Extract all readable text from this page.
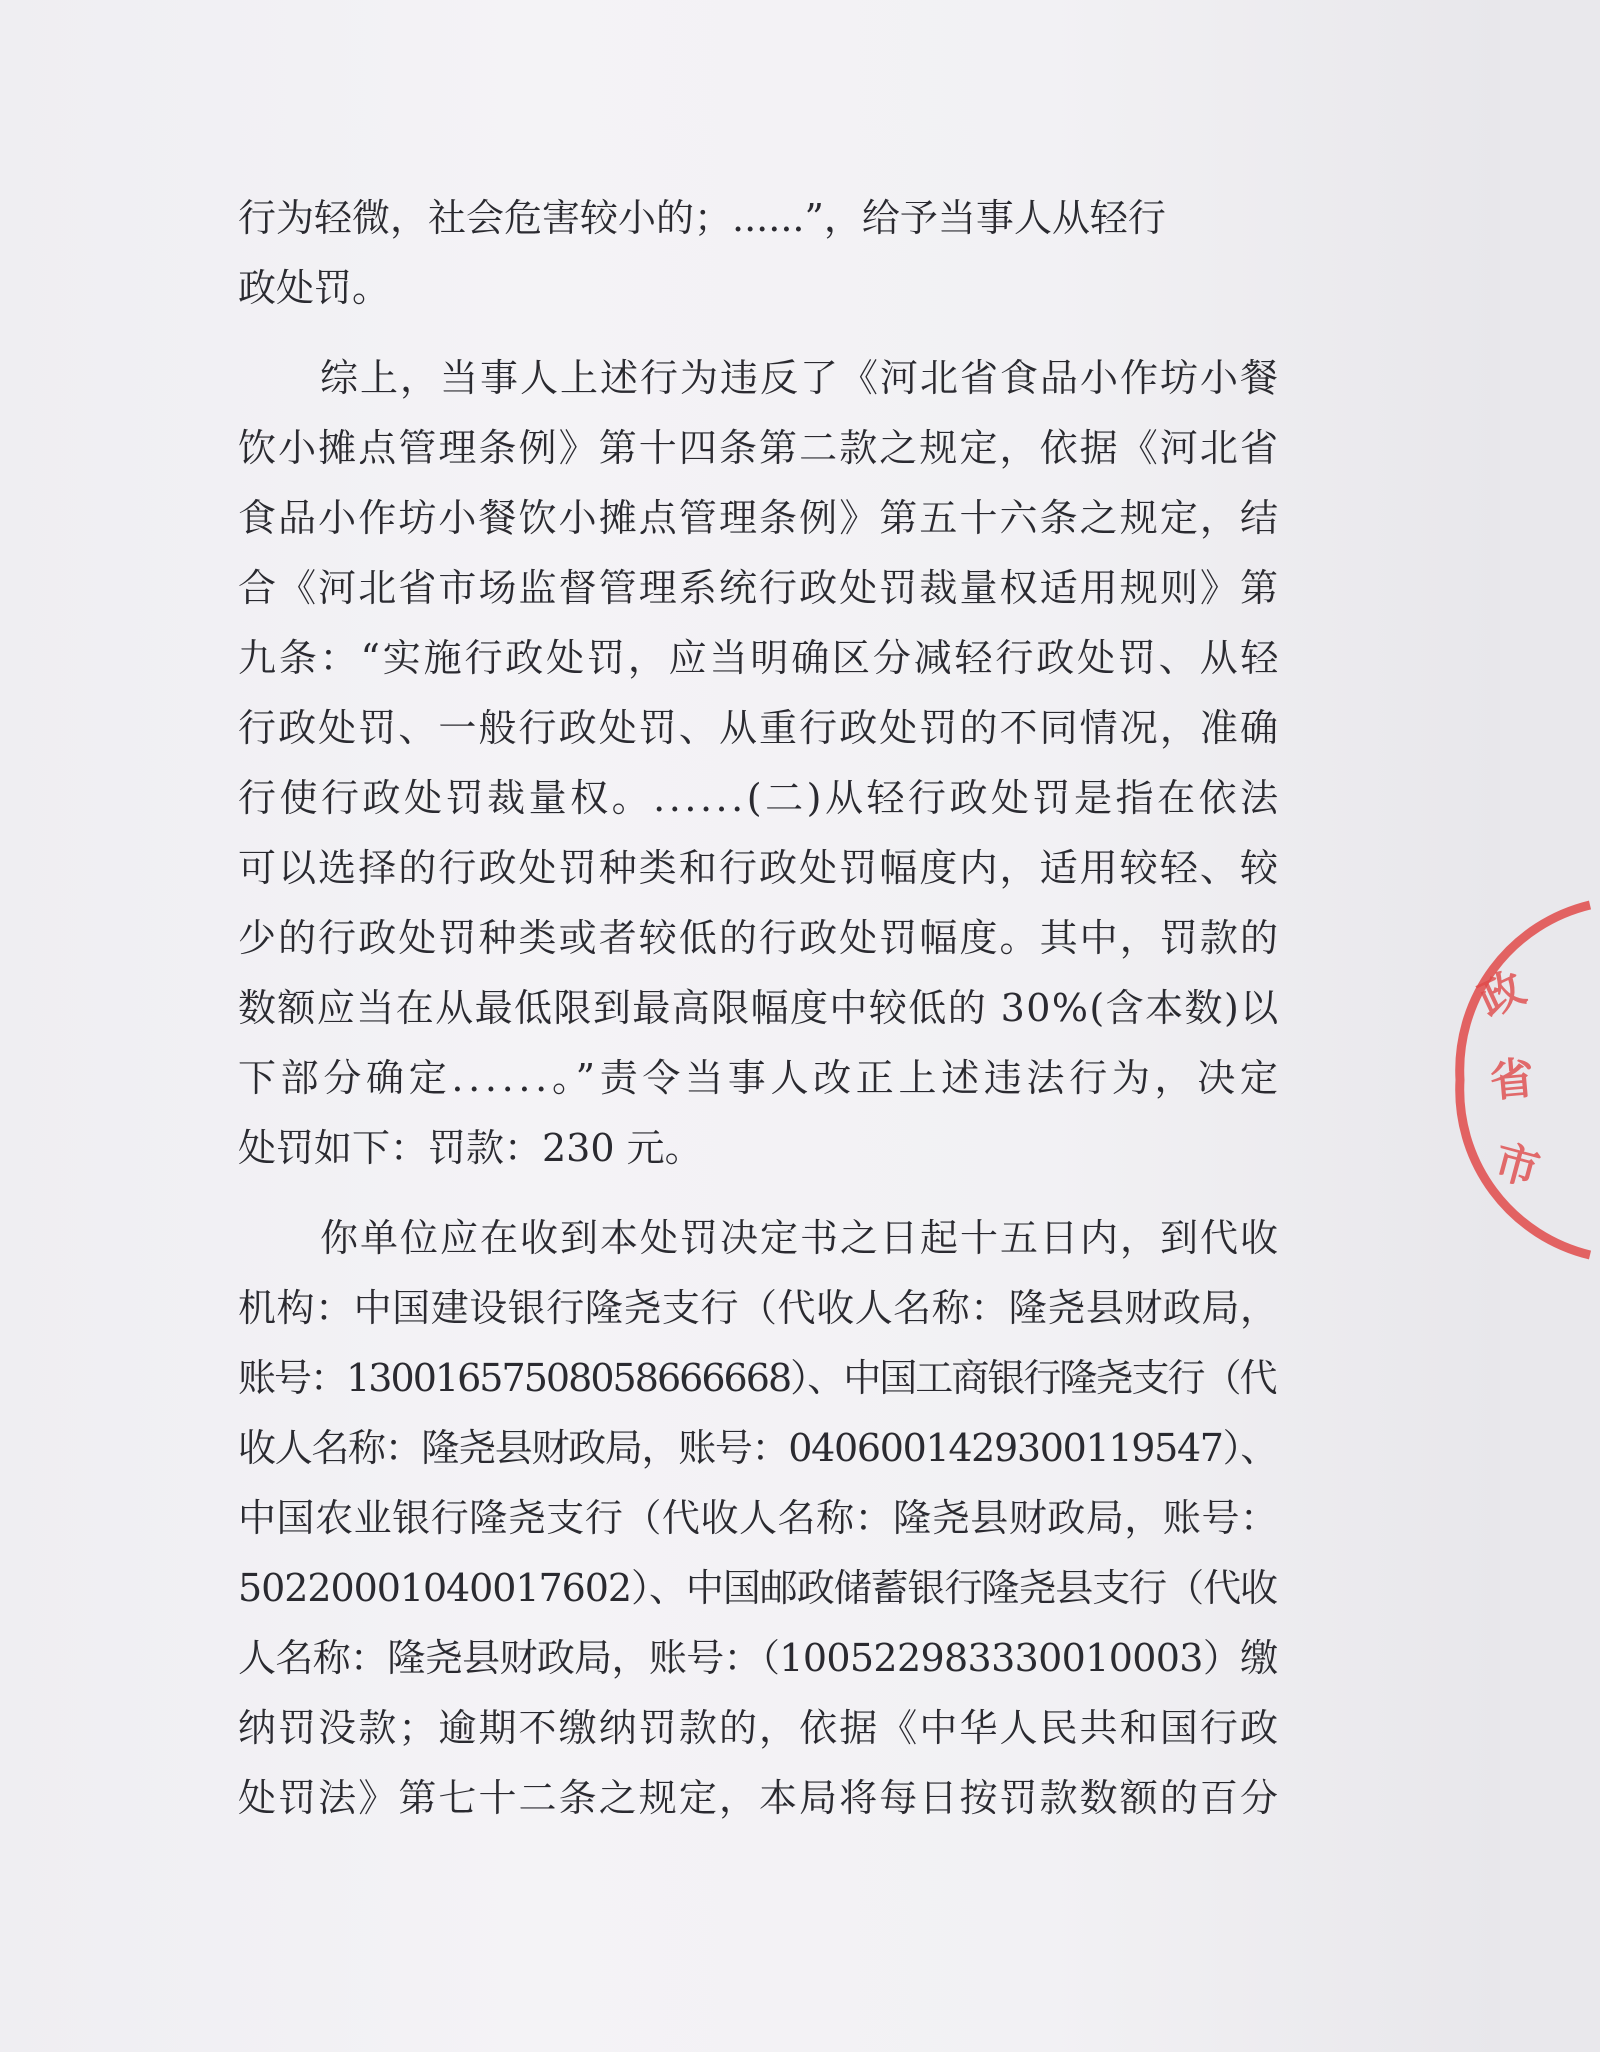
行为轻微，社会危害较小的；......”，给予当事人从轻行
政处罚。
综上，当事人上述行为违反了《河北省食品小作坊小餐
饮小摊点管理条例》第十四条第二款之规定，依据《河北省
食品小作坊小餐饮小摊点管理条例》第五十六条之规定，结
合《河北省市场监督管理系统行政处罚裁量权适用规则》第
九条：“实施行政处罚，应当明确区分减轻行政处罚、从轻
行政处罚、一般行政处罚、从重行政处罚的不同情况，准确
行使行政处罚裁量权。......(二)从轻行政处罚是指在依法
可以选择的行政处罚种类和行政处罚幅度内，适用较轻、较
少的行政处罚种类或者较低的行政处罚幅度。其中，罚款的
数额应当在从最低限到最高限幅度中较低的 30%(含本数)以
下部分确定......。”责令当事人改正上述违法行为，决定
处罚如下：罚款：230 元。
你单位应在收到本处罚决定书之日起十五日内，到代收
机构：中国建设银行隆尧支行（代收人名称：隆尧县财政局，
账号：13001657508058666668）、中国工商银行隆尧支行（代
收人名称：隆尧县财政局，账号：0406001429300119547）、
中国农业银行隆尧支行（代收人名称：隆尧县财政局，账号：
50220001040017602）、中国邮政储蓄银行隆尧县支行（代收
人名称：隆尧县财政局，账号：（100522983330010003）缴
纳罚没款；逾期不缴纳罚款的，依据《中华人民共和国行政
处罚法》第七十二条之规定，本局将每日按罚款数额的百分
政
省
市
